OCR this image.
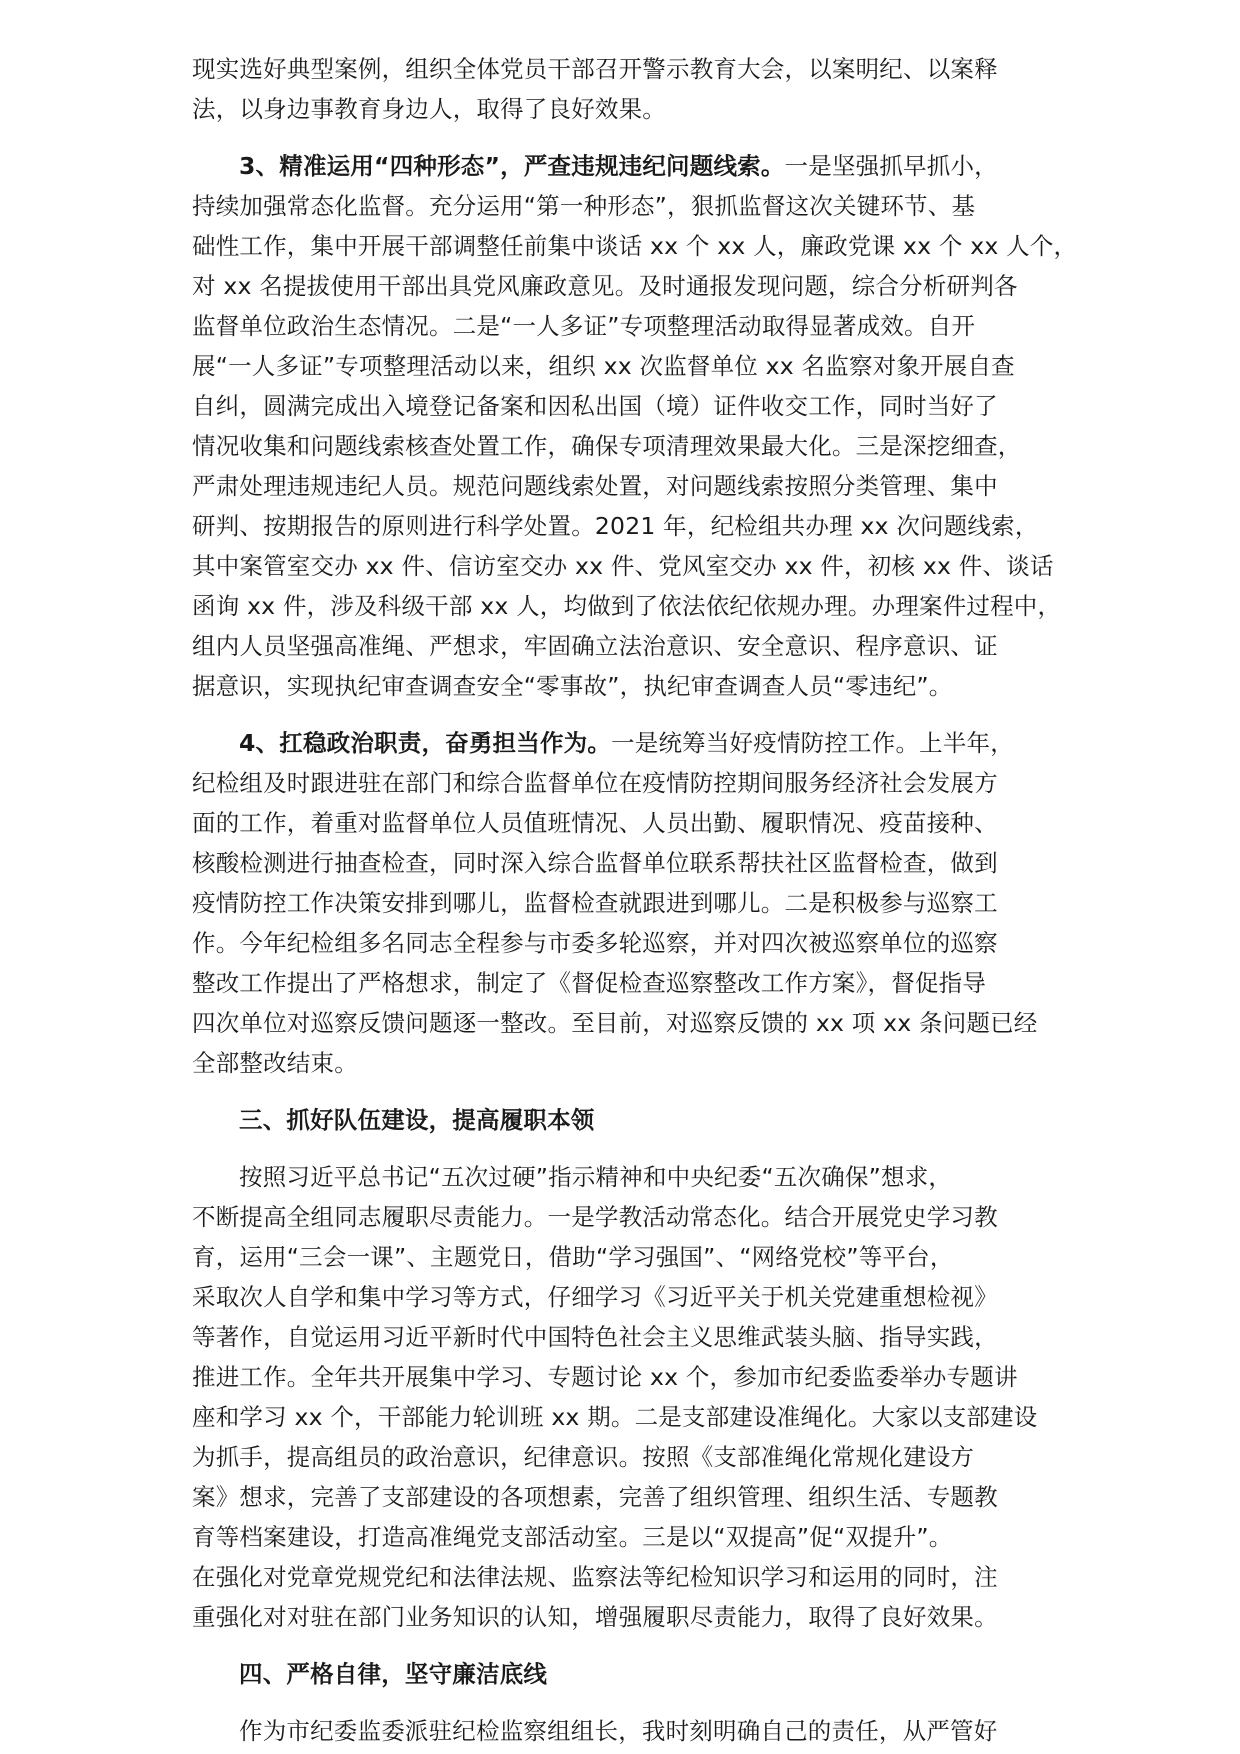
现实选好典型案例，组织全体党员干部召开警示教育大会，以案明纪、以案释
法，以身边事教育身边人，取得了良好效果。
3、精准运用“四种形态”，严查违规违纪问题线索。一是坚强抓早抓小，
持续加强常态化监督。充分运用“第一种形态”，狠抓监督这次关键环节、基
础性工作，集中开展干部调整任前集中谈话 xx 个 xx 人，廉政党课 xx 个 xx 人个，
对 xx 名提拔使用干部出具党风廉政意见。及时通报发现问题，综合分析研判各
监督单位政治生态情况。二是“一人多证”专项整理活动取得显著成效。自开
展“一人多证”专项整理活动以来，组织 xx 次监督单位 xx 名监察对象开展自查
自纠，圆满完成出入境登记备案和因私出国（境）证件收交工作，同时当好了
情况收集和问题线索核查处置工作，确保专项清理效果最大化。三是深挖细查，
严肃处理违规违纪人员。规范问题线索处置，对问题线索按照分类管理、集中
研判、按期报告的原则进行科学处置。2021 年，纪检组共办理 xx 次问题线索，
其中案管室交办 xx 件、信访室交办 xx 件、党风室交办 xx 件，初核 xx 件、谈话
函询 xx 件，涉及科级干部 xx 人，均做到了依法依纪依规办理。办理案件过程中，
组内人员坚强高准绳、严想求，牢固确立法治意识、安全意识、程序意识、证
据意识，实现执纪审查调查安全“零事故”，执纪审查调查人员“零违纪”。
4、扛稳政治职责，奋勇担当作为。一是统筹当好疫情防控工作。上半年，
纪检组及时跟进驻在部门和综合监督单位在疫情防控期间服务经济社会发展方
面的工作，着重对监督单位人员值班情况、人员出勤、履职情况、疫苗接种、
核酸检测进行抽查检查，同时深入综合监督单位联系帮扶社区监督检查，做到
疫情防控工作决策安排到哪儿，监督检查就跟进到哪儿。二是积极参与巡察工
作。今年纪检组多名同志全程参与市委多轮巡察，并对四次被巡察单位的巡察
整改工作提出了严格想求，制定了《督促检查巡察整改工作方案》，督促指导
四次单位对巡察反馈问题逐一整改。至目前，对巡察反馈的 xx 项 xx 条问题已经
全部整改结束。
三、抓好队伍建设，提高履职本领
按照习近平总书记“五次过硬”指示精神和中央纪委“五次确保”想求，
不断提高全组同志履职尽责能力。一是学教活动常态化。结合开展党史学习教
育，运用“三会一课”、主题党日，借助“学习强国”、“网络党校”等平台，
采取次人自学和集中学习等方式，仔细学习《习近平关于机关党建重想检视》
等著作，自觉运用习近平新时代中国特色社会主义思维武装头脑、指导实践，
推进工作。全年共开展集中学习、专题讨论 xx 个，参加市纪委监委举办专题讲
座和学习 xx 个，干部能力轮训班 xx 期。二是支部建设准绳化。大家以支部建设
为抓手，提高组员的政治意识，纪律意识。按照《支部准绳化常规化建设方
案》想求，完善了支部建设的各项想素，完善了组织管理、组织生活、专题教
育等档案建设，打造高准绳党支部活动室。三是以“双提高”促“双提升”。
在强化对党章党规党纪和法律法规、监察法等纪检知识学习和运用的同时，注
重强化对对驻在部门业务知识的认知，增强履职尽责能力，取得了良好效果。
四、严格自律，坚守廉洁底线
作为市纪委监委派驻纪检监察组组长，我时刻明确自己的责任，从严管好
